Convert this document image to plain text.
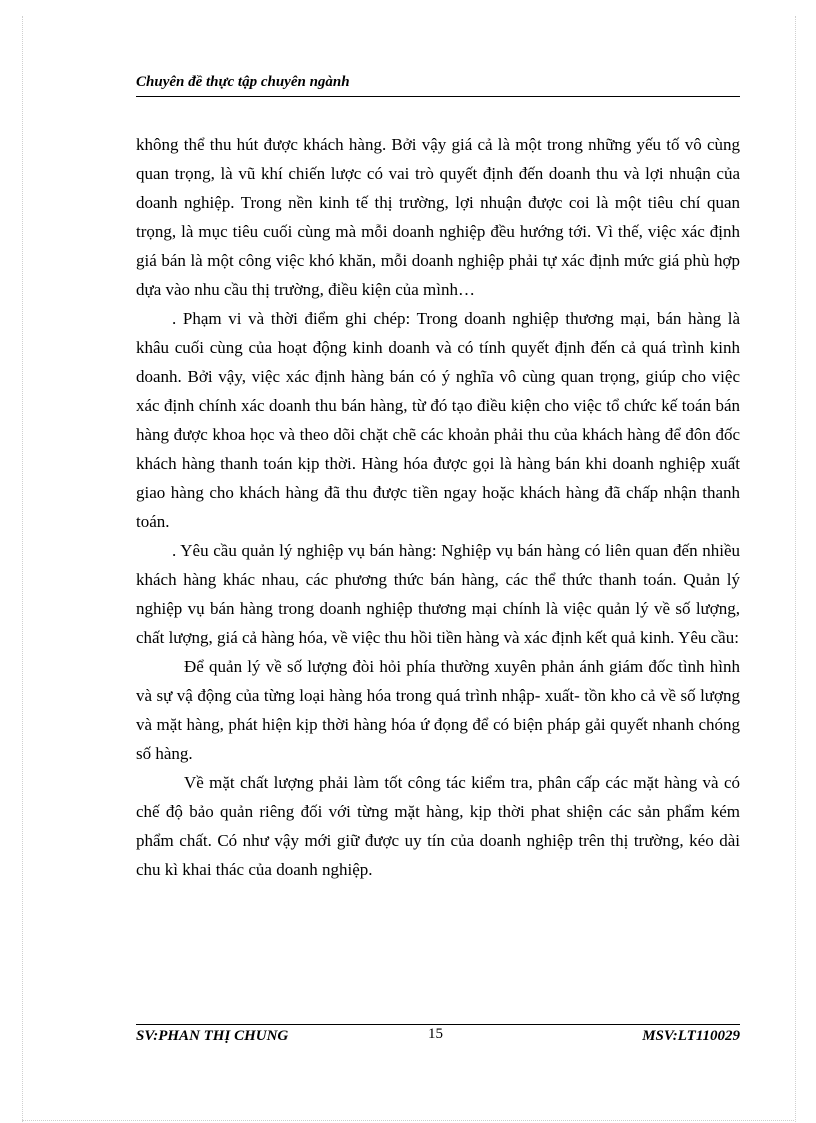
Chuyên đề thực tập chuyên ngành

không thể thu hút được khách hàng. Bởi vậy giá cả là một trong những yếu tố vô cùng quan trọng, là vũ khí chiến lược có vai trò quyết định đến doanh thu và lợi nhuận của doanh nghiệp. Trong nền kinh tế thị trường, lợi nhuận được coi là một tiêu chí quan trọng, là mục tiêu cuối cùng mà mỗi doanh nghiệp đều hướng tới. Vì thế, việc xác định giá bán là một công việc khó khăn, mỗi doanh nghiệp phải tự xác định mức giá phù hợp dựa vào nhu cầu thị trường, điều kiện của mình…

. Phạm vi và thời điểm ghi chép: Trong doanh nghiệp thương mại, bán hàng là khâu cuối cùng của hoạt động kinh doanh và có tính quyết định đến cả quá trình kinh doanh. Bởi vậy, việc xác định hàng bán có ý nghĩa vô cùng quan trọng, giúp cho việc xác định chính xác doanh thu bán hàng, từ đó tạo điều kiện cho việc tổ chức kế toán bán hàng được khoa học và theo dõi chặt chẽ các khoản phải thu của khách hàng để đôn đốc khách hàng thanh toán kịp thời. Hàng hóa được gọi là hàng bán khi doanh nghiệp xuất giao hàng cho khách hàng đã thu được tiền ngay hoặc khách hàng đã chấp nhận thanh toán.

. Yêu cầu quản lý nghiệp vụ bán hàng: Nghiệp vụ bán hàng có liên quan đến nhiều khách hàng khác nhau, các phương thức bán hàng, các thể thức thanh toán. Quản lý nghiệp vụ bán hàng trong doanh nghiệp thương mại chính là việc quản lý về số lượng, chất lượng, giá cả hàng hóa, về việc thu hồi tiền hàng và xác định kết quả kinh. Yêu cầu:

Để quản lý về số lượng đòi hỏi phía thường xuyên phản ánh giám đốc tình hình và sự vậ động của từng loại hàng hóa trong quá trình nhập- xuất- tồn kho cả về số lượng và mặt hàng, phát hiện kịp thời hàng hóa ứ đọng để có biện pháp gải quyết nhanh chóng số hàng.

Về mặt chất lượng phải làm tốt công tác kiểm tra, phân cấp các mặt hàng và có chế độ bảo quản riêng đối với từng mặt hàng, kịp thời phat shiện các sản phẩm kém phẩm chất. Có như vậy mới giữ được uy tín của doanh nghiệp trên thị trường, kéo dài chu kì khai thác của doanh nghiệp.

SV:PHAN THỊ CHUNG	15	MSV:LT110029
